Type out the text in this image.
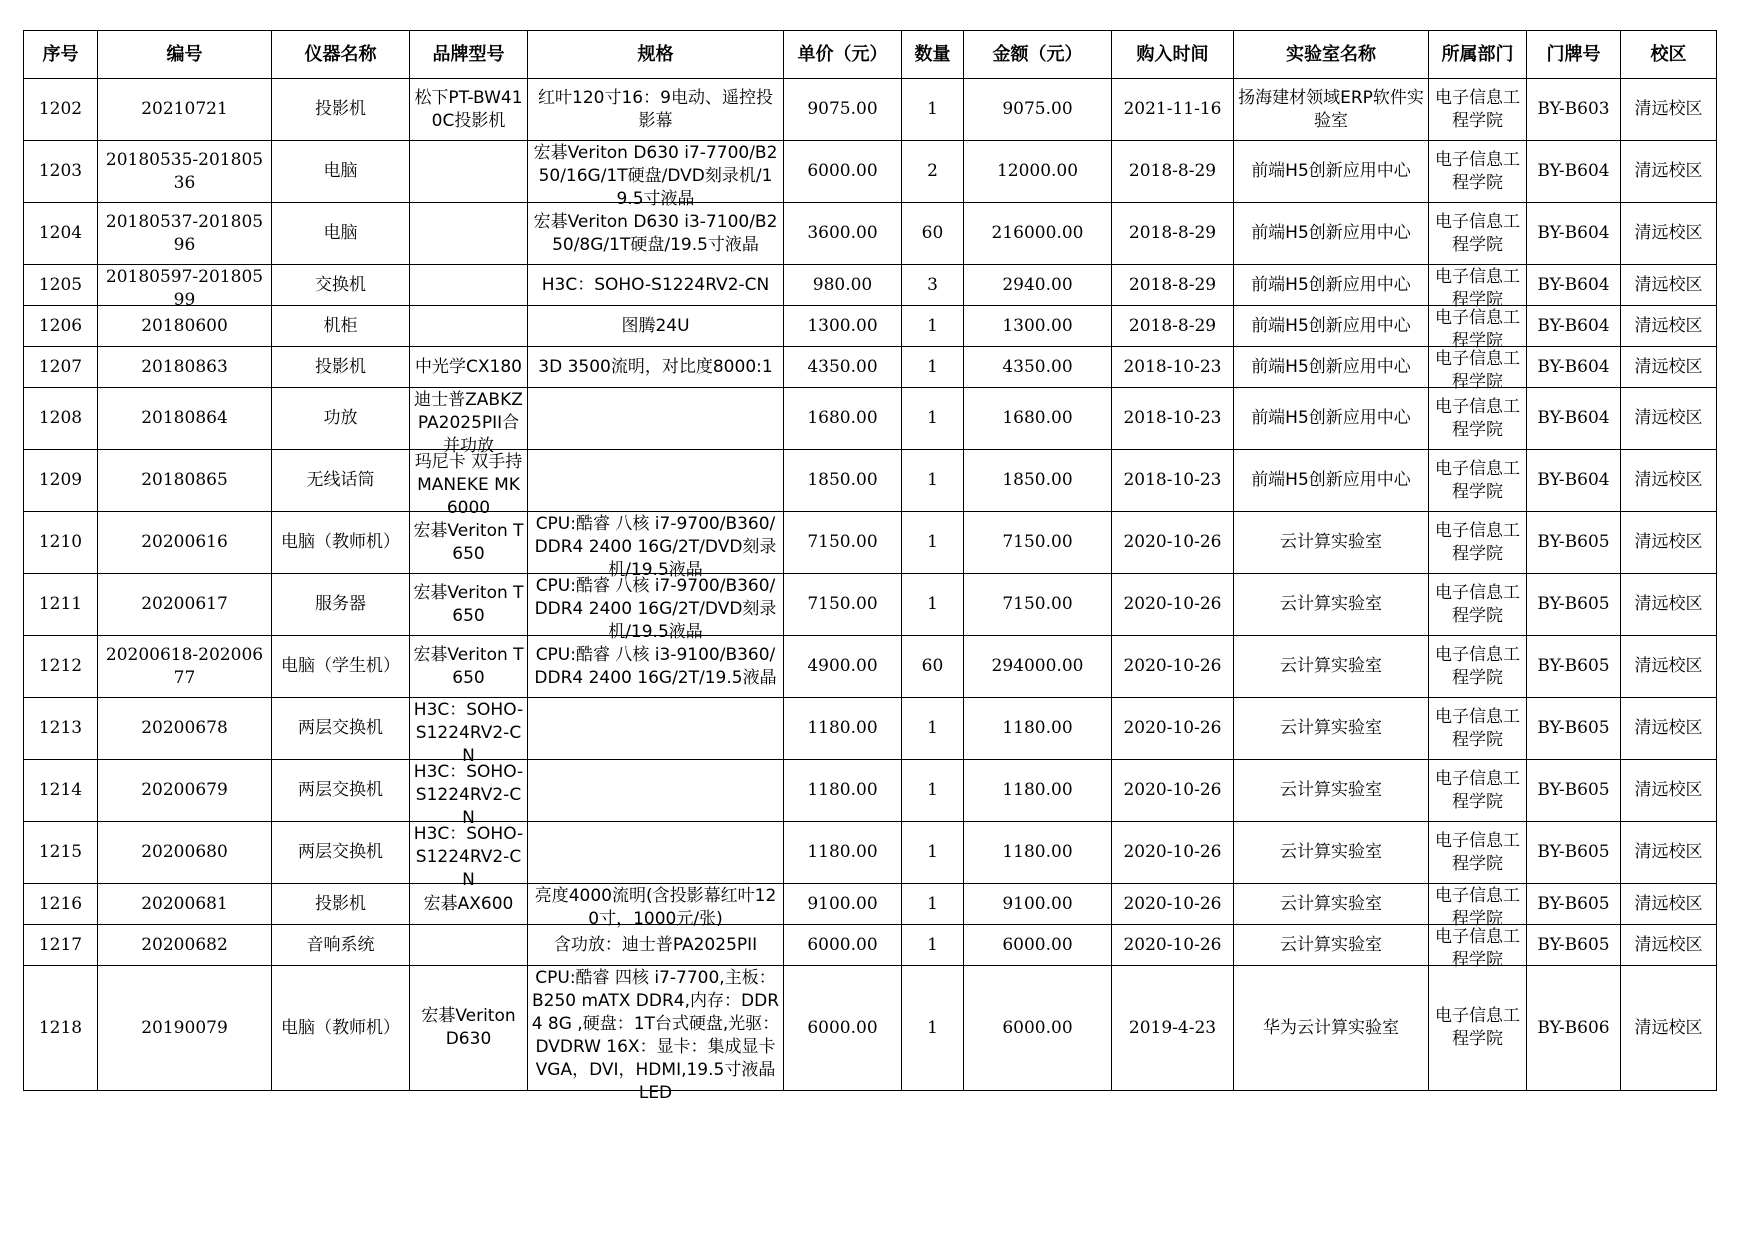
序号	编号	仪器名称	品牌型号	规格	单价（元）	数量	金额（元）	购入时间	实验室名称	所属部门	门牌号	校区

1202	20210721	投影机	松下PT-BW410C投影机	红叶120寸16：9电动、遥控投影幕	9075.00	1	9075.00	2021-11-16	扬海建材领域ERP软件实验室	电子信息工程学院	BY-B603	清远校区

1203	20180535-20180536	电脑		宏碁Veriton D630 i7-7700/B250/16G/1T硬盘/DVD刻录机/19.5寸液晶	6000.00	2	12000.00	2018-8-29	前端H5创新应用中心	电子信息工程学院	BY-B604	清远校区

1204	20180537-20180596	电脑		宏碁Veriton D630 i3-7100/B250/8G/1T硬盘/19.5寸液晶	3600.00	60	216000.00	2018-8-29	前端H5创新应用中心	电子信息工程学院	BY-B604	清远校区

1205	20180597-20180599	交换机		H3C：SOHO-S1224RV2-CN	980.00	3	2940.00	2018-8-29	前端H5创新应用中心	电子信息工程学院	BY-B604	清远校区

1206	20180600	机柜		图腾24U	1300.00	1	1300.00	2018-8-29	前端H5创新应用中心	电子信息工程学院	BY-B604	清远校区

1207	20180863	投影机	中光学CX180	3D 3500流明，对比度8000:1	4350.00	1	4350.00	2018-10-23	前端H5创新应用中心	电子信息工程学院	BY-B604	清远校区

1208	20180864	功放	迪士普ZABKZPA2025PII合并功放		1680.00	1	1680.00	2018-10-23	前端H5创新应用中心	电子信息工程学院	BY-B604	清远校区

1209	20180865	无线话筒	玛尼卡 双手持MANEKE MK6000		1850.00	1	1850.00	2018-10-23	前端H5创新应用中心	电子信息工程学院	BY-B604	清远校区

1210	20200616	电脑（教师机）	宏碁Veriton T650	CPU:酷睿 八核 i7-9700/B360/DDR4 2400 16G/2T/DVD刻录机/19.5液晶	7150.00	1	7150.00	2020-10-26	云计算实验室	电子信息工程学院	BY-B605	清远校区

1211	20200617	服务器	宏碁Veriton T650	CPU:酷睿 八核 i7-9700/B360/DDR4 2400 16G/2T/DVD刻录机/19.5液晶	7150.00	1	7150.00	2020-10-26	云计算实验室	电子信息工程学院	BY-B605	清远校区

1212	20200618-20200677	电脑（学生机）	宏碁Veriton T650	CPU:酷睿 八核 i3-9100/B360/DDR4 2400 16G/2T/19.5液晶	4900.00	60	294000.00	2020-10-26	云计算实验室	电子信息工程学院	BY-B605	清远校区

1213	20200678	两层交换机	H3C：SOHO-S1224RV2-CN		1180.00	1	1180.00	2020-10-26	云计算实验室	电子信息工程学院	BY-B605	清远校区

1214	20200679	两层交换机	H3C：SOHO-S1224RV2-CN		1180.00	1	1180.00	2020-10-26	云计算实验室	电子信息工程学院	BY-B605	清远校区

1215	20200680	两层交换机	H3C：SOHO-S1224RV2-CN		1180.00	1	1180.00	2020-10-26	云计算实验室	电子信息工程学院	BY-B605	清远校区

1216	20200681	投影机	宏碁AX600	亮度4000流明(含投影幕红叶120寸，1000元/张)	9100.00	1	9100.00	2020-10-26	云计算实验室	电子信息工程学院	BY-B605	清远校区

1217	20200682	音响系统		含功放：迪士普PA2025PII	6000.00	1	6000.00	2020-10-26	云计算实验室	电子信息工程学院	BY-B605	清远校区

1218	20190079	电脑（教师机）	宏碁Veriton D630	CPU:酷睿 四核 i7-7700,主板：B250 mATX DDR4,内存：DDR4 8G ,硬盘：1T台式硬盘,光驱：DVDRW 16X：显卡：集成显卡VGA，DVI，HDMI,19.5寸液晶LED	6000.00	1	6000.00	2019-4-23	华为云计算实验室	电子信息工程学院	BY-B606	清远校区
